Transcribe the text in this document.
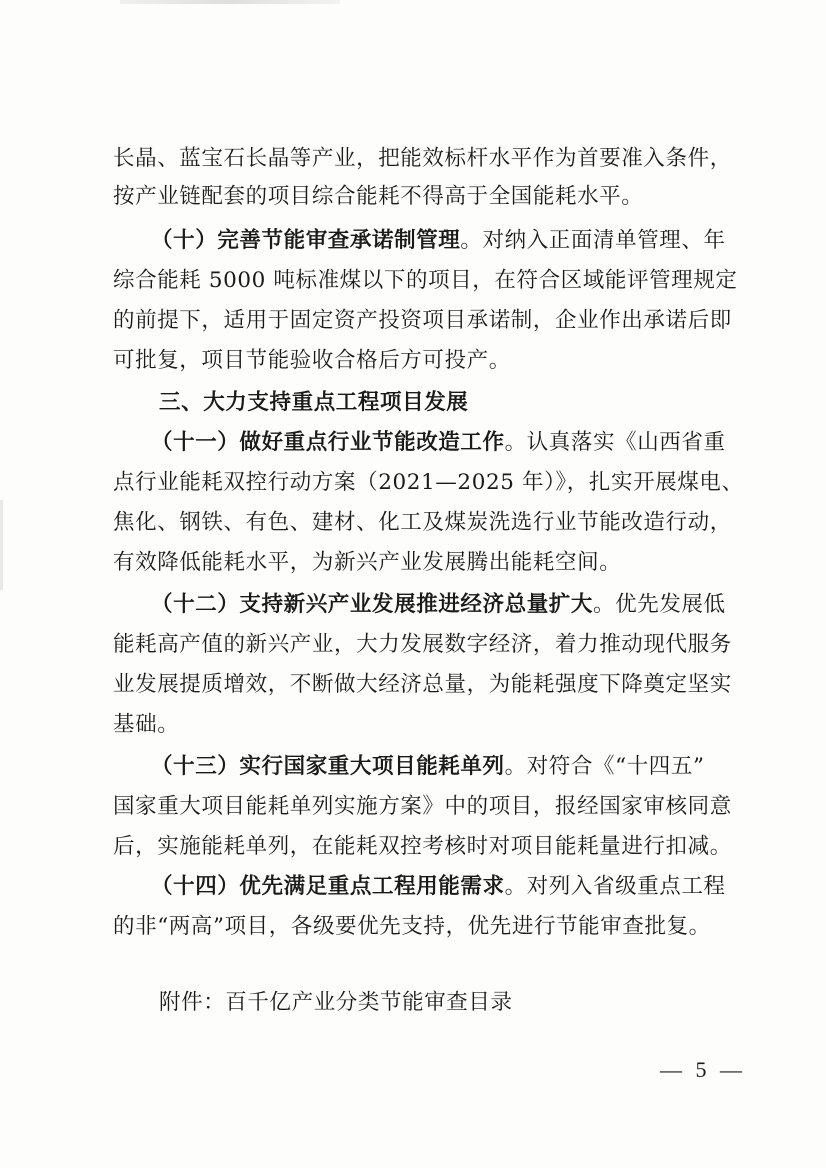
长晶、蓝宝石长晶等产业，把能效标杆水平作为首要准入条件，
按产业链配套的项目综合能耗不得高于全国能耗水平。
（十）完善节能审查承诺制管理。对纳入正面清单管理、年
综合能耗 5000 吨标准煤以下的项目，在符合区域能评管理规定
的前提下，适用于固定资产投资项目承诺制，企业作出承诺后即
可批复，项目节能验收合格后方可投产。
三、大力支持重点工程项目发展
（十一）做好重点行业节能改造工作。认真落实《山西省重
点行业能耗双控行动方案（2021—2025 年）》，扎实开展煤电、
焦化、钢铁、有色、建材、化工及煤炭洗选行业节能改造行动，
有效降低能耗水平，为新兴产业发展腾出能耗空间。
（十二）支持新兴产业发展推进经济总量扩大。优先发展低
能耗高产值的新兴产业，大力发展数字经济，着力推动现代服务
业发展提质增效，不断做大经济总量，为能耗强度下降奠定坚实
基础。
（十三）实行国家重大项目能耗单列。对符合《“十四五”
国家重大项目能耗单列实施方案》中的项目，报经国家审核同意
后，实施能耗单列，在能耗双控考核时对项目能耗量进行扣减。
（十四）优先满足重点工程用能需求。对列入省级重点工程
的非“两高”项目，各级要优先支持，优先进行节能审查批复。
附件：百千亿产业分类节能审查目录
— 5 —
